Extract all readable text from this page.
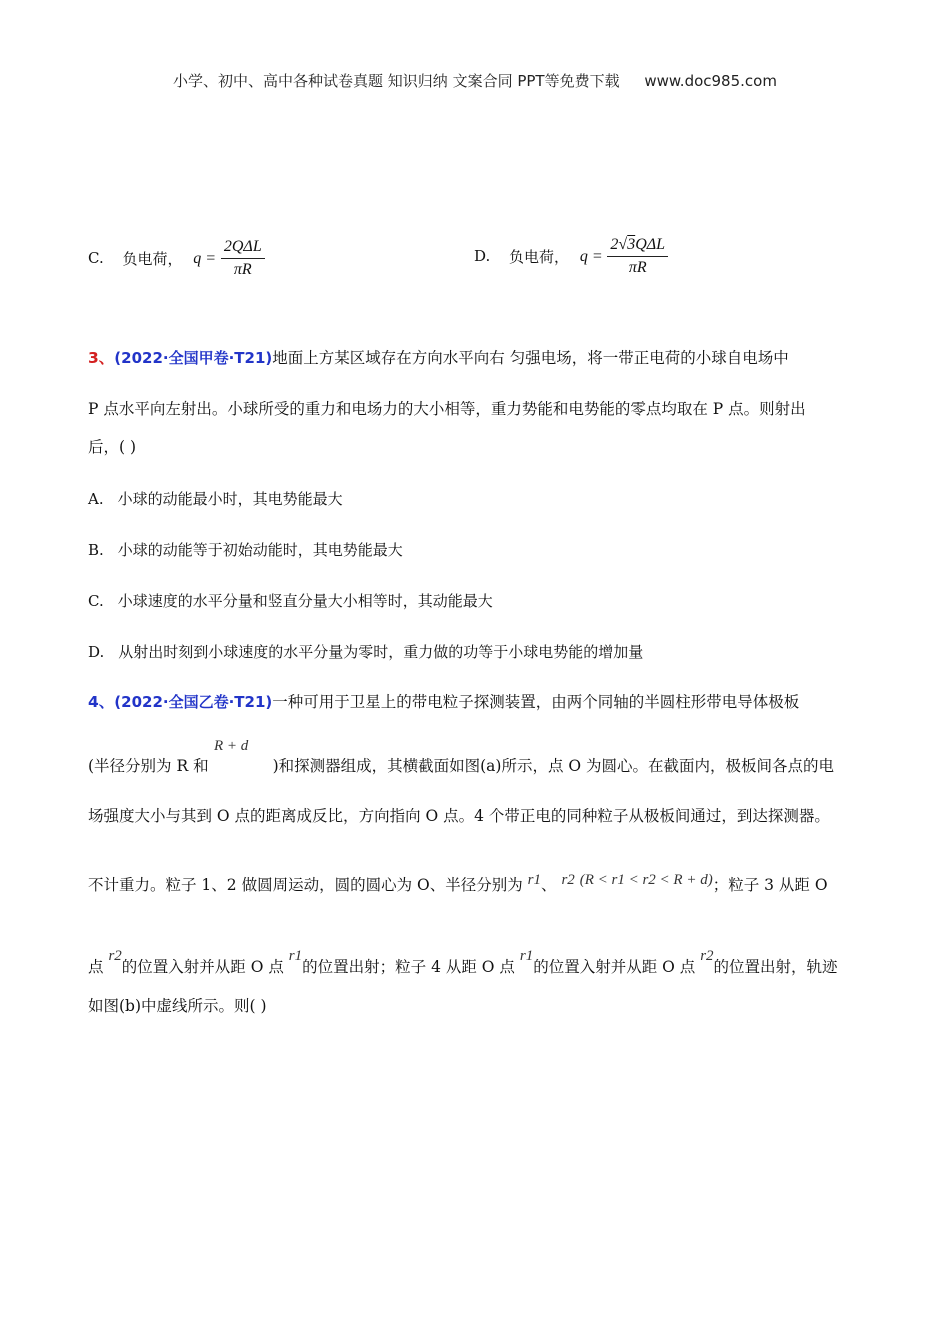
小学、初中、高中各种试卷真题 知识归纳 文案合同 PPT等免费下载 www.doc985.com
C. 负电荷， $q = \frac{\text{2QΔL}}{\pi R}$	D. 负电荷， $q = \frac{\text{2√3QΔL}}{\pi R}$
3、(2022·全国甲卷·T21)地面上方某区域存在方向水平向右 匀强电场，将一带正电荷的小球自电场中
P 点水平向左射出。小球所受的重力和电场力的大小相等，重力势能和电势能的零点均取在 P 点。则射出
后，( )
A. 小球的动能最小时，其电势能最大
B. 小球的动能等于初始动能时，其电势能最大
C. 小球速度的水平分量和竖直分量大小相等时，其动能最大
D. 从射出时刻到小球速度的水平分量为零时，重力做的功等于小球电势能的增加量
4、(2022·全国乙卷·T21)一种可用于卫星上的带电粒子探测装置，由两个同轴的半圆柱形带电导体极板
R + d
(半径分别为 R 和	)和探测器组成，其横截面如图(a)所示，点 O 为圆心。在截面内，极板间各点的电
场强度大小与其到 O 点的距离成反比，方向指向 O 点。4 个带正电的同种粒子从极板间通过，到达探测器。
不计重力。粒子 1、2 做圆周运动，圆的圆心为 O、半径分别为 r1、 r2 (R < r1 < r2 < R + d)；粒子 3 从距 O
点 r2的位置入射并从距 O 点 r1的位置出射；粒子 4 从距 O 点 r1的位置入射并从距 O 点 r2的位置出射，轨迹
如图(b)中虚线所示。则( )
